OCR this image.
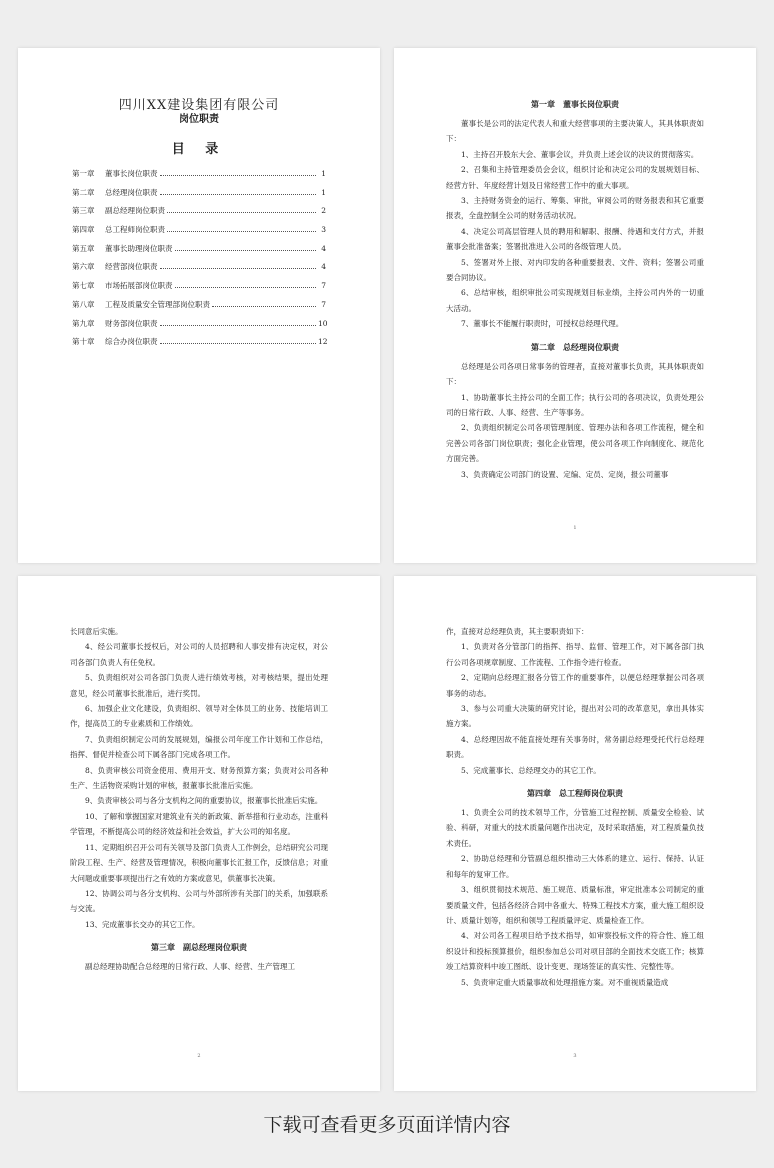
四川XX建设集团有限公司
岗位职责
目 录
第一章	董事长岗位职责	1
第二章	总经理岗位职责	1
第三章	副总经理岗位职责	2
第四章	总工程师岗位职责	3
第五章	董事长助理岗位职责	4
第六章	经营部岗位职责	4
第七章	市场拓展部岗位职责	7
第八章	工程及质量安全管理部岗位职责	7
第九章	财务部岗位职责	10
第十章	综合办岗位职责	12
第一章　董事长岗位职责

董事长是公司的法定代表人和重大经营事项的主要决策人，其具体职责如下：

1、主持召开股东大会、董事会议，并负责上述会议的决议的贯彻落实。

2、召集和主持管理委员会会议，组织讨论和决定公司的发展规划目标、经营方针、年度经营计划及日常经营工作中的重大事项。

3、主持财务资金的运行、筹集、审批，审阅公司的财务报表和其它重要报表，全盘控制全公司的财务活动状况。

4、决定公司高层管理人员的聘用和解职、报酬、待遇和支付方式，并报董事会批准备案；签署批准进入公司的各级管理人员。

5、签署对外上报、对内印发的各种重要报表、文件、资料；签署公司重要合同协议。

6、总结审核，组织审批公司实现规划目标业绩，主持公司内外的一切重大活动。

7、董事长不能履行职责时，可授权总经理代理。

第二章　总经理岗位职责

总经理是公司各项日常事务的管理者，直接对董事长负责，其具体职责如下：

1、协助董事长主持公司的全面工作；执行公司的各项决议，负责处理公司的日常行政、人事、经营、生产等事务。

2、负责组织制定公司各项管理制度、管理办法和各项工作流程，健全和完善公司各部门岗位职责；强化企业管理，使公司各项工作向制度化、规范化方面完善。

3、负责确定公司部门的设置、定编、定员、定岗，报公司董事

1

长同意后实施。

4、经公司董事长授权后，对公司的人员招聘和人事安排有决定权，对公司各部门负责人有任免权。

5、负责组织对公司各部门负责人进行绩效考核，对考核结果，提出处理意见，经公司董事长批准后，进行奖罚。

6、加强企业文化建设，负责组织、领导对全体员工的业务、技能培训工作，提高员工的专业素质和工作绩效。

7、负责组织制定公司的发展规划，编报公司年度工作计划和工作总结，指挥、督促并检查公司下属各部门完成各项工作。

8、负责审核公司资金使用、费用开支、财务预算方案；负责对公司各种生产、生活物资采购计划的审核，报董事长批准后实施。

9、负责审核公司与各分支机构之间的重要协议，报董事长批准后实施。

10、了解和掌握国家对建筑业有关的新政策、新举措和行业动态，注重科学管理，不断提高公司的经济效益和社会效益，扩大公司的知名度。

11、定期组织召开公司有关领导及部门负责人工作例会，总结研究公司现阶段工程、生产、经营及管理情况，积极向董事长汇报工作，反馈信息；对重大问题或重要事项提出行之有效的方案或意见，供董事长决策。

12、协调公司与各分支机构、公司与外部所涉有关部门的关系，加强联系与交流。

13、完成董事长交办的其它工作。

第三章　副总经理岗位职责

副总经理协助配合总经理的日常行政、人事、经营、生产管理工

2

作，直接对总经理负责，其主要职责如下：

1、负责对各分管部门的指挥、指导、监督、管理工作，对下属各部门执行公司各项规章制度、工作流程、工作指令进行检查。

2、定期向总经理汇报各分管工作的重要事件，以便总经理掌握公司各项事务的动态。

3、参与公司重大决策的研究讨论，提出对公司的改革意见，拿出具体实施方案。

4、总经理因故不能直接处理有关事务时，常务副总经理受托代行总经理职责。

5、完成董事长、总经理交办的其它工作。

第四章　总工程师岗位职责

1、负责全公司的技术领导工作，分管施工过程控制、质量安全检验、试验、科研，对重大的技术质量问题作出决定，及时采取措施，对工程质量负技术责任。

2、协助总经理和分管副总组织推动三大体系的建立、运行、保持、认证和每年的复审工作。

3、组织贯彻技术规范、施工规范、质量标准，审定批准本公司制定的重要质量文件，包括各经济合同中各重大、特殊工程技术方案，重大施工组织设计、质量计划等，组织和领导工程质量评定、质量检查工作。

4、对公司各工程项目给予技术指导，如审察投标文件的符合性、施工组织设计和投标预算报价，组织参加总公司对项目部的全面技术交底工作；核算竣工结算资料中竣工图纸、设计变更、现场签证的真实性、完整性等。

5、负责审定重大质量事故和处理措施方案。对不重视质量造成

3
下载可查看更多页面详情内容
